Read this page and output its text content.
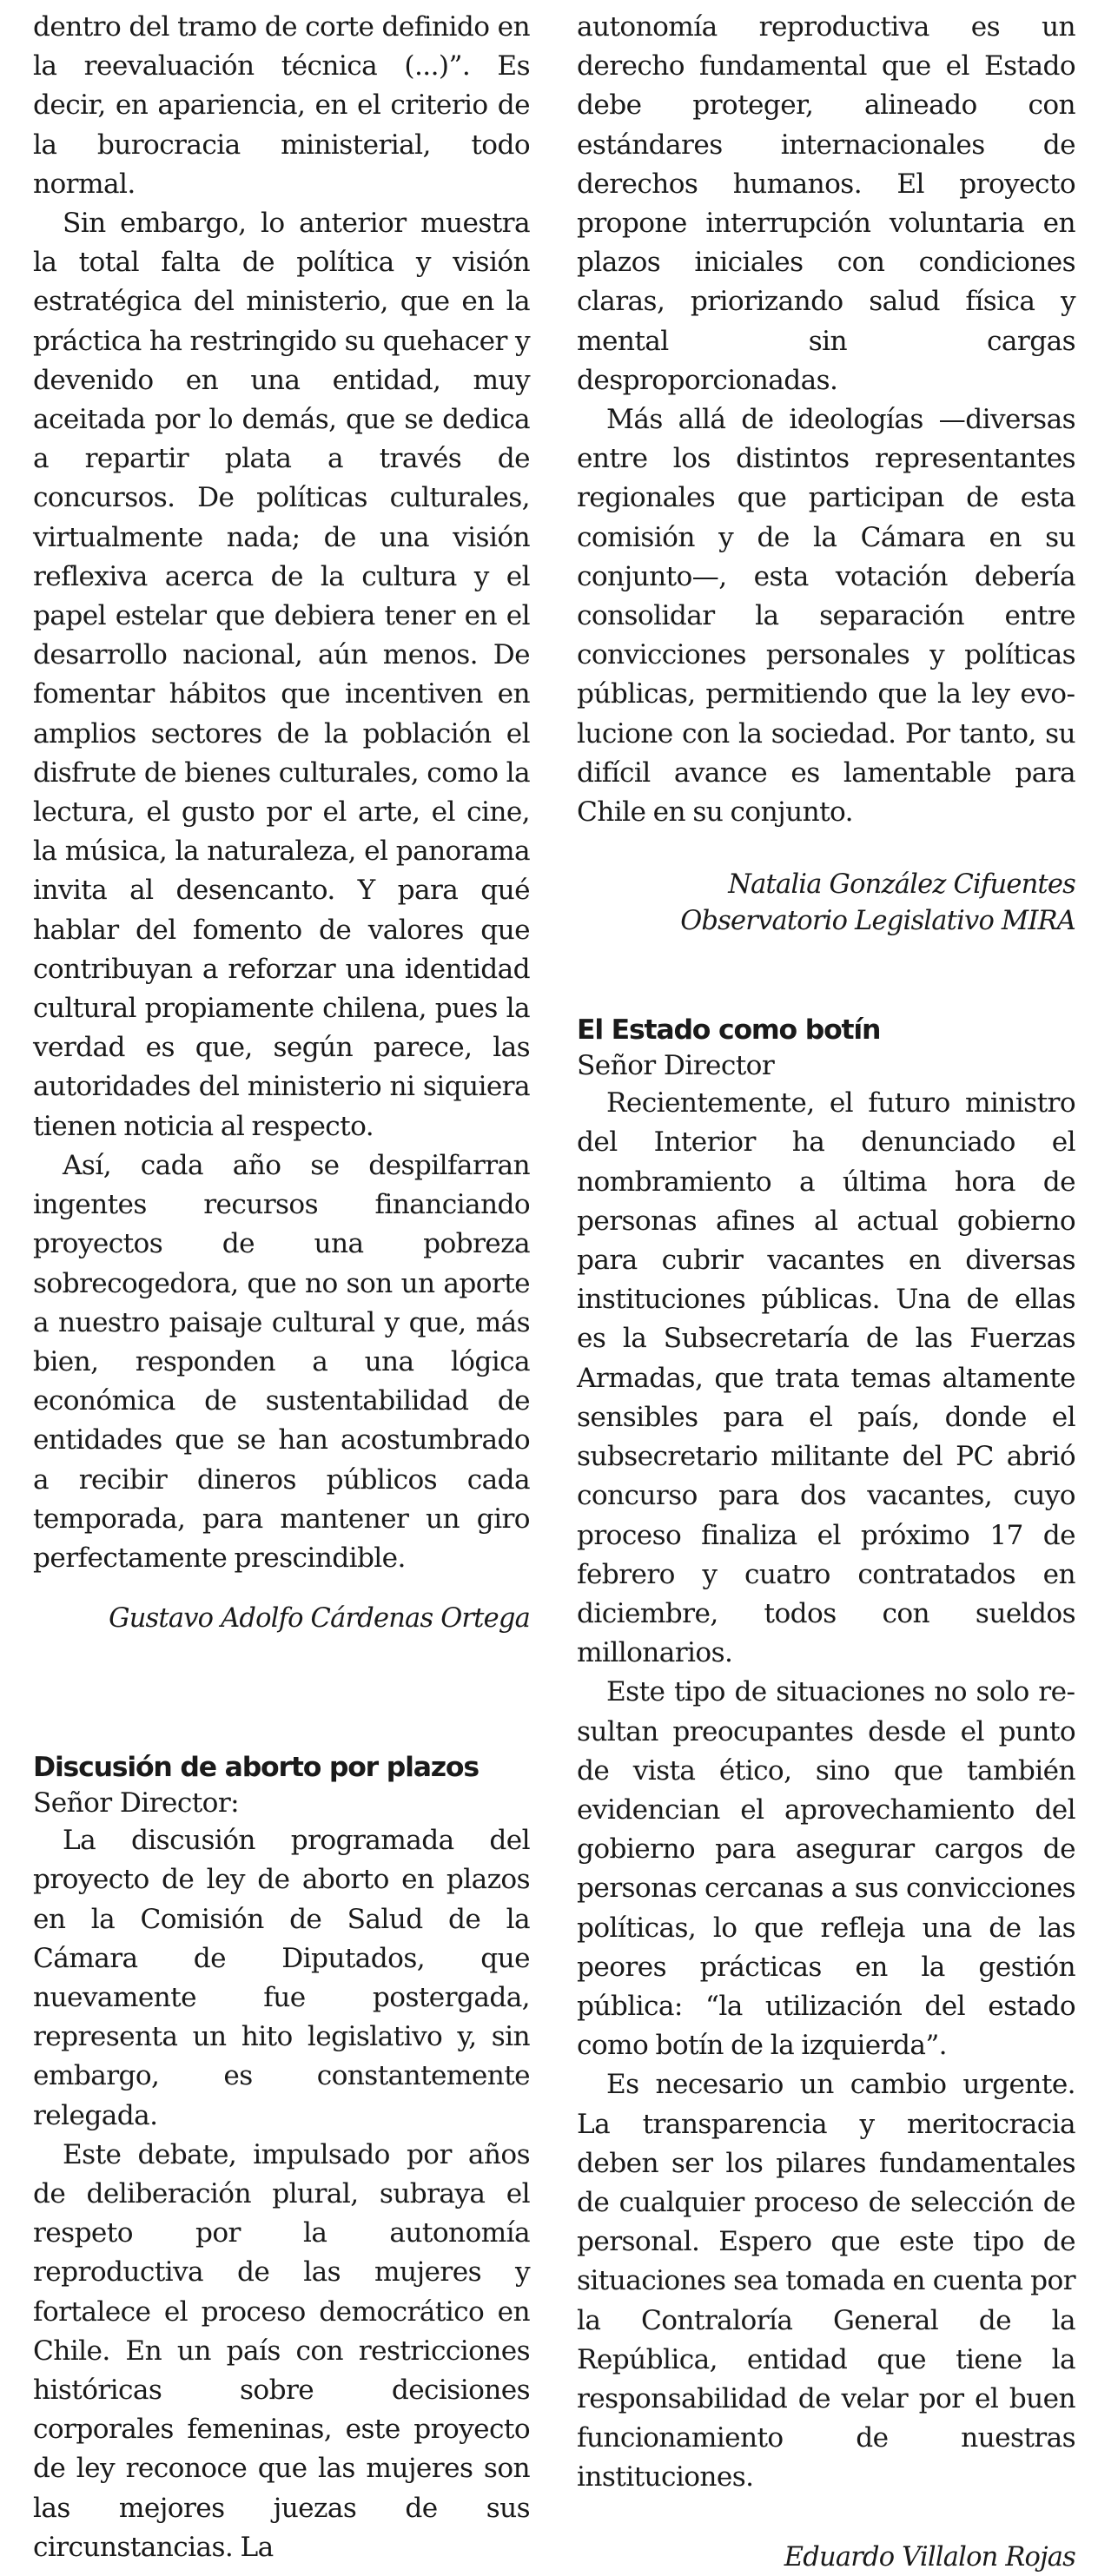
dentro del tramo de corte definido en la reevaluación técnica (...)”. Es decir, en apariencia, en el criterio de la burocracia ministerial, todo normal.

Sin embargo, lo anterior muestra la total falta de política y visión estratégica del ministerio, que en la práctica ha restringido su quehacer y devenido en una entidad, muy aceitada por lo demás, que se dedica a repartir plata a través de concursos. De políticas culturales, virtualmente nada; de una visión reflexiva acerca de la cultura y el papel estelar que debiera tener en el desarrollo nacional, aún menos. De fomentar hábitos que incentiven en amplios sectores de la población el disfrute de bienes culturales, como la lectura, el gusto por el arte, el cine, la música, la naturaleza, el panorama invita al desencanto. Y para qué hablar del fomento de valores que contribuyan a reforzar una identidad cultural propiamente chilena, pues la verdad es que, según parece, las autoridades del ministerio ni siquiera tienen noticia al respecto.

Así, cada año se despilfarran ingentes recursos financiando proyectos de una pobreza sobrecogedora, que no son un aporte a nuestro paisaje cultural y que, más bien, responden a una lógica económica de sustentabilidad de entidades que se han acostumbrado a recibir dineros públicos cada temporada, para mantener un giro perfectamente prescindible.

Gustavo Adolfo Cárdenas Ortega

Discusión de aborto por plazos

Señor Director:

La discusión programada del proyecto de ley de aborto en plazos en la Comisión de Salud de la Cámara de Diputados, que nuevamente fue postergada, representa un hito legislativo y, sin embargo, es constantemente relegada.

Este debate, impulsado por años de deliberación plural, subraya el respeto por la autonomía reproductiva de las mujeres y fortalece el proceso democrático en Chile. En un país con restricciones históricas sobre decisiones corporales femeninas, este proyecto de ley reconoce que las mujeres son las mejores juezas de sus circunstancias. La

autonomía reproductiva es un derecho fundamental que el Estado debe proteger, alineado con estándares internacionales de derechos humanos. El proyecto propone interrupción voluntaria en plazos iniciales con condiciones claras, priorizando salud física y mental sin cargas desproporcionadas.

Más allá de ideologías —diversas entre los distintos representantes regionales que participan de esta comisión y de la Cámara en su conjunto—, esta votación debería consolidar la separación entre convicciones personales y políticas públicas, permitiendo que la ley evolucione con la sociedad. Por tanto, su difícil avance es lamentable para Chile en su conjunto.

Natalia González Cifuentes

Observatorio Legislativo MIRA

El Estado como botín

Señor Director

Recientemente, el futuro ministro del Interior ha denunciado el nombramiento a última hora de personas afines al actual gobierno para cubrir vacantes en diversas instituciones públicas. Una de ellas es la Subsecretaría de las Fuerzas Armadas, que trata temas altamente sensibles para el país, donde el subsecretario militante del PC abrió concurso para dos vacantes, cuyo proceso finaliza el próximo 17 de febrero y cuatro contratados en diciembre, todos con sueldos millonarios.

Este tipo de situaciones no solo resultan preocupantes desde el punto de vista ético, sino que también evidencian el aprovechamiento del gobierno para asegurar cargos de personas cercanas a sus convicciones políticas, lo que refleja una de las peores prácticas en la gestión pública: “la utilización del estado como botín de la izquierda”.

Es necesario un cambio urgente. La transparencia y meritocracia deben ser los pilares fundamentales de cualquier proceso de selección de personal. Espero que este tipo de situaciones sea tomada en cuenta por la Contraloría General de la República, entidad que tiene la responsabilidad de velar por el buen funcionamiento de nuestras instituciones.

Eduardo Villalon Rojas
